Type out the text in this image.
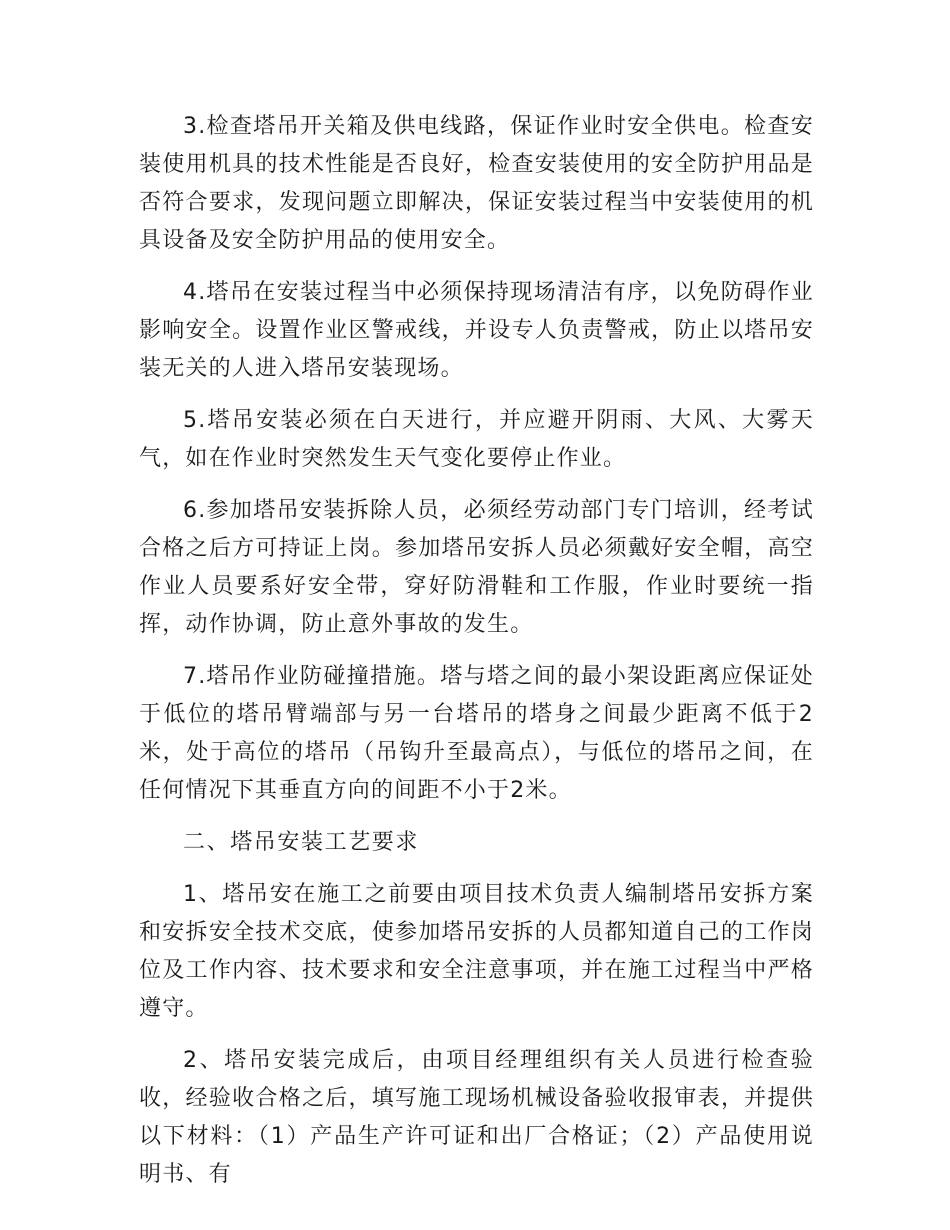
3.检查塔吊开关箱及供电线路，保证作业时安全供电。检查安装使用机具的技术性能是否良好，检查安装使用的安全防护用品是否符合要求，发现问题立即解决，保证安装过程当中安装使用的机具设备及安全防护用品的使用安全。

4.塔吊在安装过程当中必须保持现场清洁有序，以免防碍作业影响安全。设置作业区警戒线，并设专人负责警戒，防止以塔吊安装无关的人进入塔吊安装现场。

5.塔吊安装必须在白天进行，并应避开阴雨、大风、大雾天气，如在作业时突然发生天气变化要停止作业。

6.参加塔吊安装拆除人员，必须经劳动部门专门培训，经考试合格之后方可持证上岗。参加塔吊安拆人员必须戴好安全帽，高空作业人员要系好安全带，穿好防滑鞋和工作服，作业时要统一指挥，动作协调，防止意外事故的发生。

7.塔吊作业防碰撞措施。塔与塔之间的最小架设距离应保证处于低位的塔吊臂端部与另一台塔吊的塔身之间最少距离不低于2米，处于高位的塔吊（吊钩升至最高点），与低位的塔吊之间，在任何情况下其垂直方向的间距不小于2米。

二、塔吊安装工艺要求

1、塔吊安在施工之前要由项目技术负责人编制塔吊安拆方案和安拆安全技术交底，使参加塔吊安拆的人员都知道自己的工作岗位及工作内容、技术要求和安全注意事项，并在施工过程当中严格遵守。

2、塔吊安装完成后，由项目经理组织有关人员进行检查验收，经验收合格之后，填写施工现场机械设备验收报审表，并提供以下材料：（1）产品生产许可证和出厂合格证；（2）产品使用说明书、有
